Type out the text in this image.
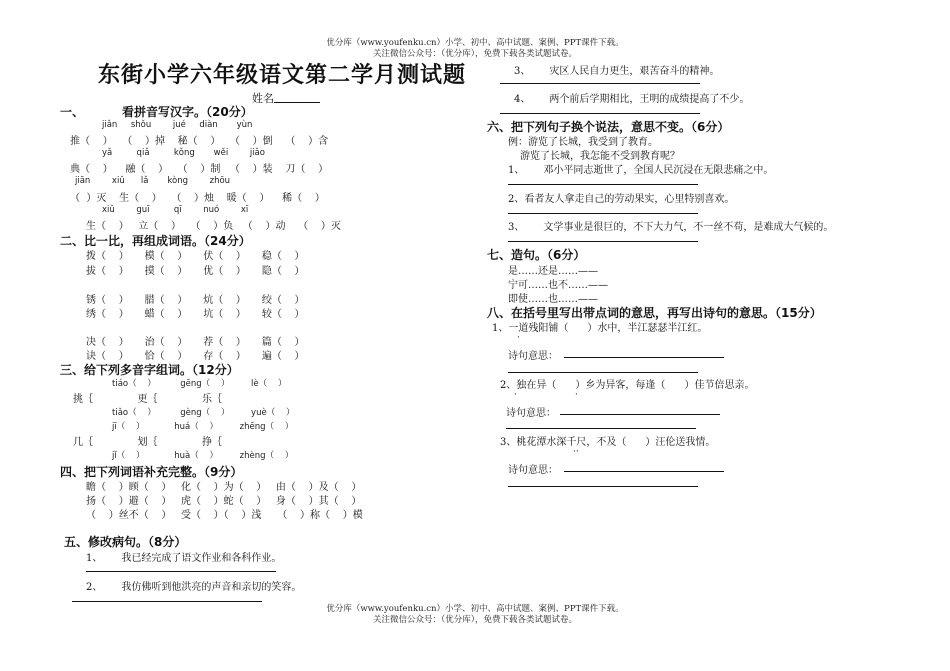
优分库（www.youfenku.cn）小学、初中、高中试题、案例、PPT课件下载。
关注微信公众号：（优分库），免费下载各类试题试卷。
东街小学六年级语文第二学月测试题
姓名
一、	看拼音写汉字。（20分）
jiǎn     shǒu        jué     diàn       yùn
推（    ）   （    ）掉    秘（    ）   （    ）倒    （    ）含
yǎ         qiǎ         kǒng       wěi        jiǎo
典（    ）    融（    ）   （    ）制   （    ）装    刀（    ）
jiān        xiǔ      lǎ       kòng        zhōu
（  ）灭    生（    ）   （    ）烛    暖（    ）    稀（    ）
xiǔ        guī         qī        nuó        xī
生（    ）   立（    ）   （    ）负   （    ）动    （    ）灭
二、比一比，再组成词语。（24分）
拨（    ）     模（    ）     伏（    ）     稳（    ）
拔（    ）     摸（    ）     优（    ）     隐（    ）
锈（    ）     腊（    ）     炕（    ）     绞（    ）
绣（    ）     蜡（    ）     坑（    ）     较（    ）
决（    ）     治（    ）     荐（    ）     篇（    ）
诀（    ）     恰（    ）     存（    ）     遍（    ）
三、给下列多音字组词。（12分）
tiáo（    ）         gēng（    ）        lè（    ）
挑｛              更｛              乐｛
tiǎo（    ）         gèng（    ）        yuè（    ）
jī（    ）           huá（    ）        zhēng（    ）
几｛              划｛              挣｛
jǐ（    ）           huà（    ）        zhèng（    ）
四、把下列词语补充完整。（9分）
瞻（    ）顾（    ）   化（    ）为（    ）   由（    ）及（    ）
扬（    ）避（    ）   虎（    ）蛇（    ）   身（    ）其（    ）
（    ）丝不（    ）   受（    ）（    ）浅     （    ）称（    ）模
五、修改病句。（8分）
1、      我已经完成了语文作业和各科作业。
2、      我仿佛听到他洪亮的声音和亲切的笑容。
3、      灾区人民自力更生，艰苦奋斗的精神。
4、      两个前后学期相比，王明的成绩提高了不少。
六、把下列句子换个说法，意思不变。（6分）
例：游览了长城，我受到了教育。
游览了长城，我怎能不受到教育呢？
1、      邓小平同志逝世了，全国人民沉浸在无限悲痛之中。
2、看者友人拿走自己的劳动果实，心里特别喜欢。
3、      文学事业是很巨的，不下大力气，不一丝不苟，是难成大气候的。
七、造句。（6分）
是……还是……——
宁可……也不……——
即使……也……——
八、在括号里写出带点词的意思，再写出诗句的意思。（15分）
1、一道残阳铺（      ）水中，半江瑟瑟半江红。
·
诗句意思：
2、独在异（      ）乡为异客，每逢（      ）佳节倍思亲。
·	·
诗句意思：
3、桃花潭水深千尺，不及（      ）汪伦送我情。
··
诗句意思：
优分库（www.youfenku.cn）小学、初中、高中试题、案例、PPT课件下载。
关注微信公众号：（优分库），免费下载各类试题试卷。
